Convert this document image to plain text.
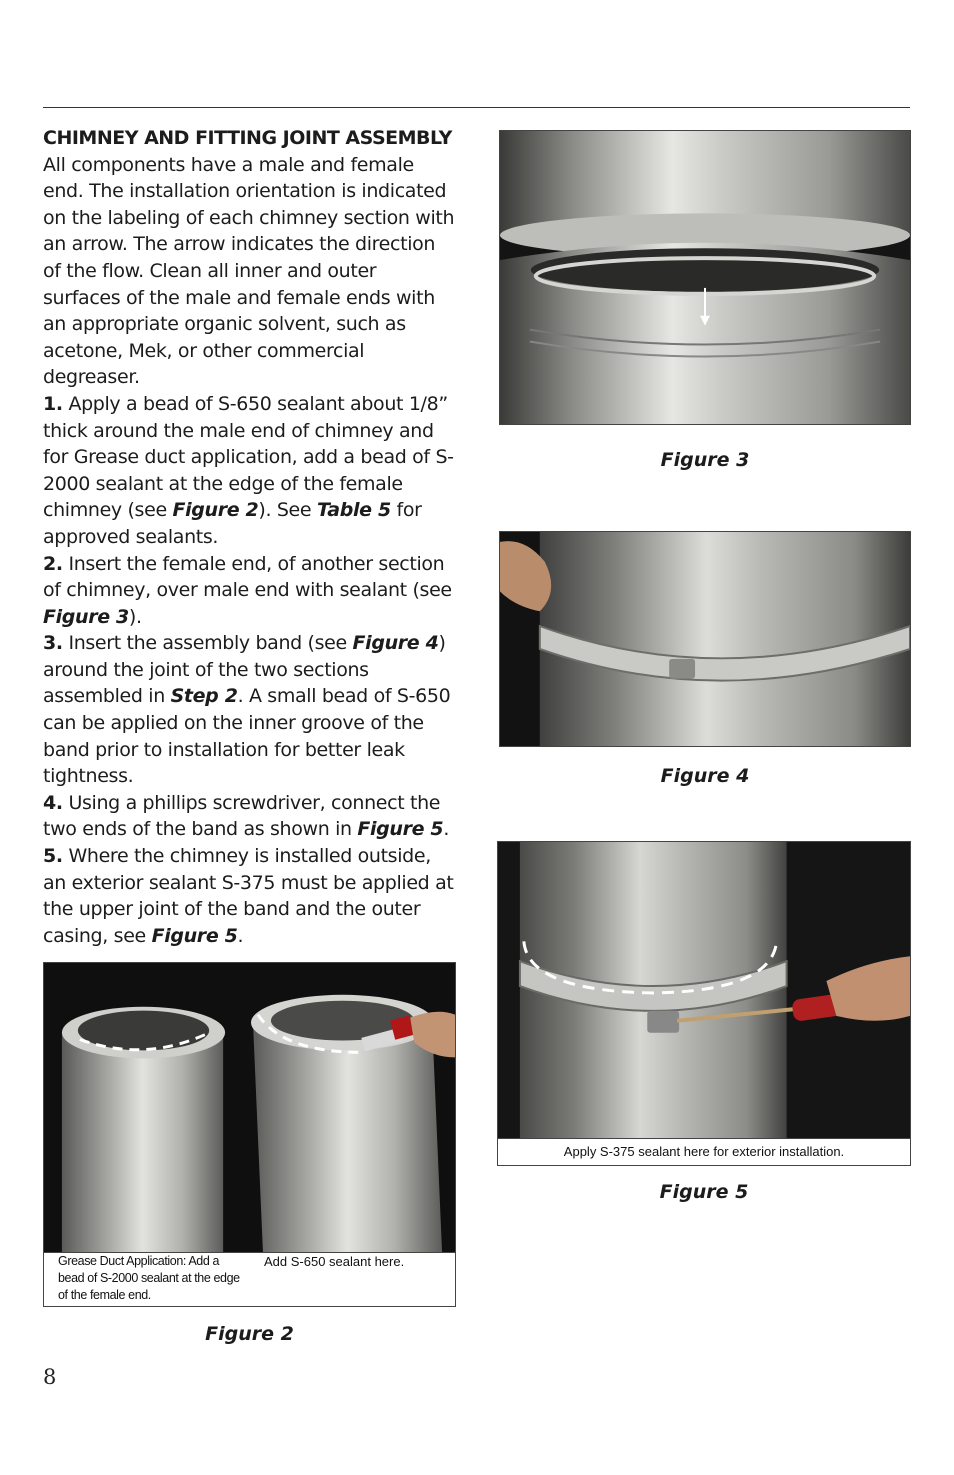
CHIMNEY AND FITTING JOINT ASSEMBLY

All components have a male and female end. The installation orientation is indicated on the labeling of each chimney section with an arrow. The arrow indicates the direction of the flow. Clean all inner and outer surfaces of the male and female ends with an appropriate organic solvent, such as acetone, Mek, or other commercial degreaser.

1. Apply a bead of S-650 sealant about 1/8” thick around the male end of chimney and for Grease duct application, add a bead of S-2000 sealant at the edge of the female chimney (see Figure 2). See Table 5 for approved sealants.

2. Insert the female end, of another section of chimney, over male end with sealant (see Figure 3).

3. Insert the assembly band (see Figure 4) around the joint of the two sections assembled in Step 2. A small bead of S-650 can be applied on the inner groove of the band prior to installation for better leak tightness.

4. Using a phillips screwdriver, connect the two ends of the band as shown in Figure 5.

5. Where the chimney is installed outside, an exterior sealant S-375 must be applied at the upper joint of the band and the outer casing, see Figure 5.

Figure 3
Figure 4
Apply S-375 sealant here for exterior installation.
Figure 5
Grease Duct Application: Add a bead of S-2000 sealant at the edge of the female end.
Add S-650 sealant here.
Figure 2
8
